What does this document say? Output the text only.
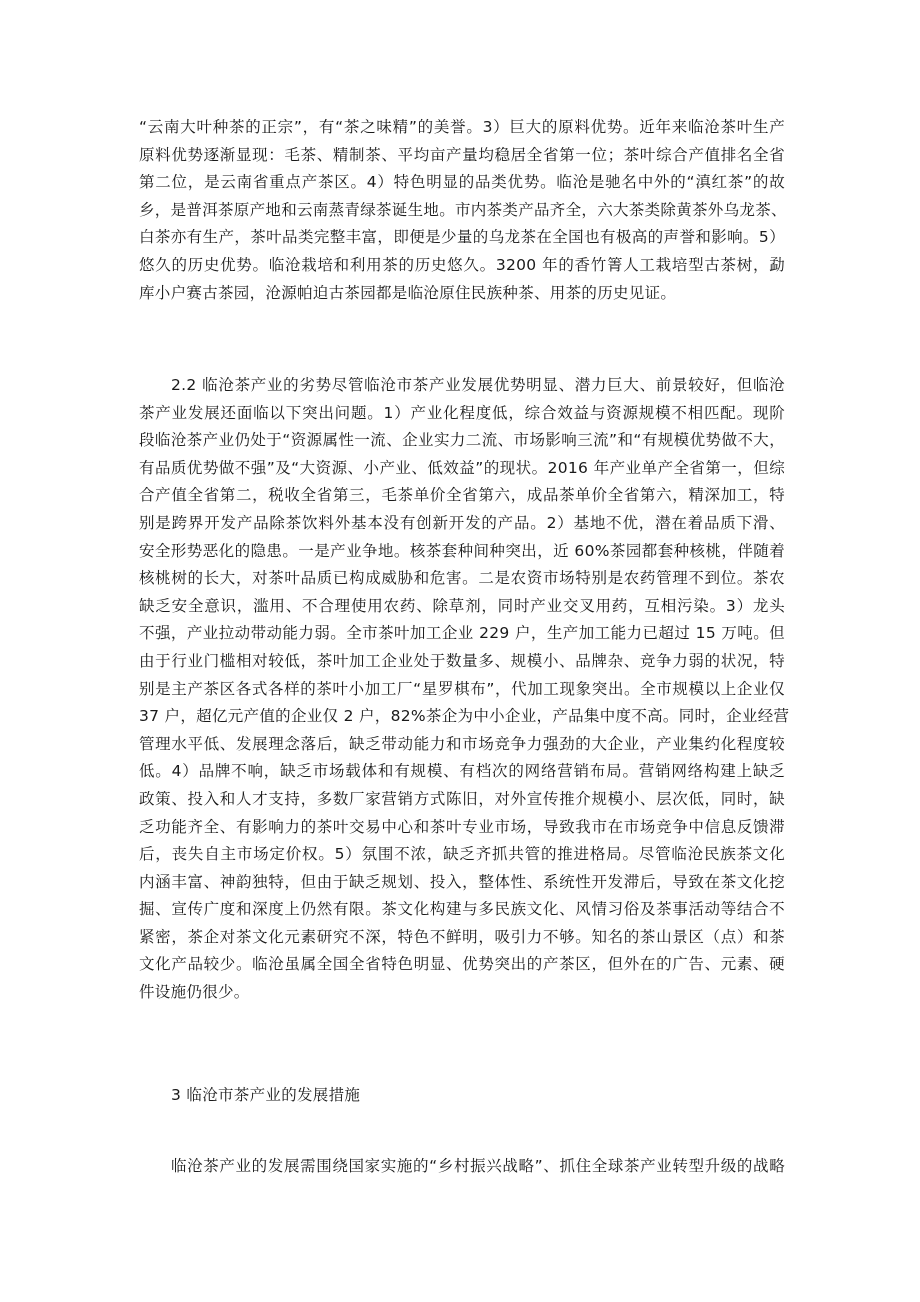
“云南大叶种茶的正宗”，有“茶之味精”的美誉。3）巨大的原料优势。近年来临沧茶叶生产
原料优势逐渐显现：毛茶、精制茶、平均亩产量均稳居全省第一位；茶叶综合产值排名全省
第二位，是云南省重点产茶区。4）特色明显的品类优势。临沧是驰名中外的“滇红茶”的故
乡，是普洱茶原产地和云南蒸青绿茶诞生地。市内茶类产品齐全，六大茶类除黄茶外乌龙茶、
白茶亦有生产，茶叶品类完整丰富，即便是少量的乌龙茶在全国也有极高的声誉和影响。5）
悠久的历史优势。临沧栽培和利用茶的历史悠久。3200 年的香竹箐人工栽培型古茶树，勐
库小户赛古茶园，沧源帕迫古茶园都是临沧原住民族种茶、用茶的历史见证。

2.2 临沧茶产业的劣势尽管临沧市茶产业发展优势明显、潜力巨大、前景较好，但临沧
茶产业发展还面临以下突出问题。1）产业化程度低，综合效益与资源规模不相匹配。现阶
段临沧茶产业仍处于“资源属性一流、企业实力二流、市场影响三流”和“有规模优势做不大，
有品质优势做不强”及“大资源、小产业、低效益”的现状。2016 年产业单产全省第一，但综
合产值全省第二，税收全省第三，毛茶单价全省第六，成品茶单价全省第六，精深加工，特
别是跨界开发产品除茶饮料外基本没有创新开发的产品。2）基地不优，潜在着品质下滑、
安全形势恶化的隐患。一是产业争地。核茶套种间种突出，近 60%茶园都套种核桃，伴随着
核桃树的长大，对茶叶品质已构成威胁和危害。二是农资市场特别是农药管理不到位。茶农
缺乏安全意识，滥用、不合理使用农药、除草剂，同时产业交叉用药，互相污染。3）龙头
不强，产业拉动带动能力弱。全市茶叶加工企业 229 户，生产加工能力已超过 15 万吨。但
由于行业门槛相对较低，茶叶加工企业处于数量多、规模小、品牌杂、竞争力弱的状况，特
别是主产茶区各式各样的茶叶小加工厂“星罗棋布”，代加工现象突出。全市规模以上企业仅
37 户，超亿元产值的企业仅 2 户，82%茶企为中小企业，产品集中度不高。同时，企业经营
管理水平低、发展理念落后，缺乏带动能力和市场竞争力强劲的大企业，产业集约化程度较
低。4）品牌不响，缺乏市场载体和有规模、有档次的网络营销布局。营销网络构建上缺乏
政策、投入和人才支持，多数厂家营销方式陈旧，对外宣传推介规模小、层次低，同时，缺
乏功能齐全、有影响力的茶叶交易中心和茶叶专业市场，导致我市在市场竞争中信息反馈滞
后，丧失自主市场定价权。5）氛围不浓，缺乏齐抓共管的推进格局。尽管临沧民族茶文化
内涵丰富、神韵独特，但由于缺乏规划、投入，整体性、系统性开发滞后，导致在茶文化挖
掘、宣传广度和深度上仍然有限。茶文化构建与多民族文化、风情习俗及茶事活动等结合不
紧密，茶企对茶文化元素研究不深，特色不鲜明，吸引力不够。知名的茶山景区（点）和茶
文化产品较少。临沧虽属全国全省特色明显、优势突出的产茶区，但外在的广告、元素、硬
件设施仍很少。

3 临沧市茶产业的发展措施

临沧茶产业的发展需围绕国家实施的“乡村振兴战略”、抓住全球茶产业转型升级的战略
